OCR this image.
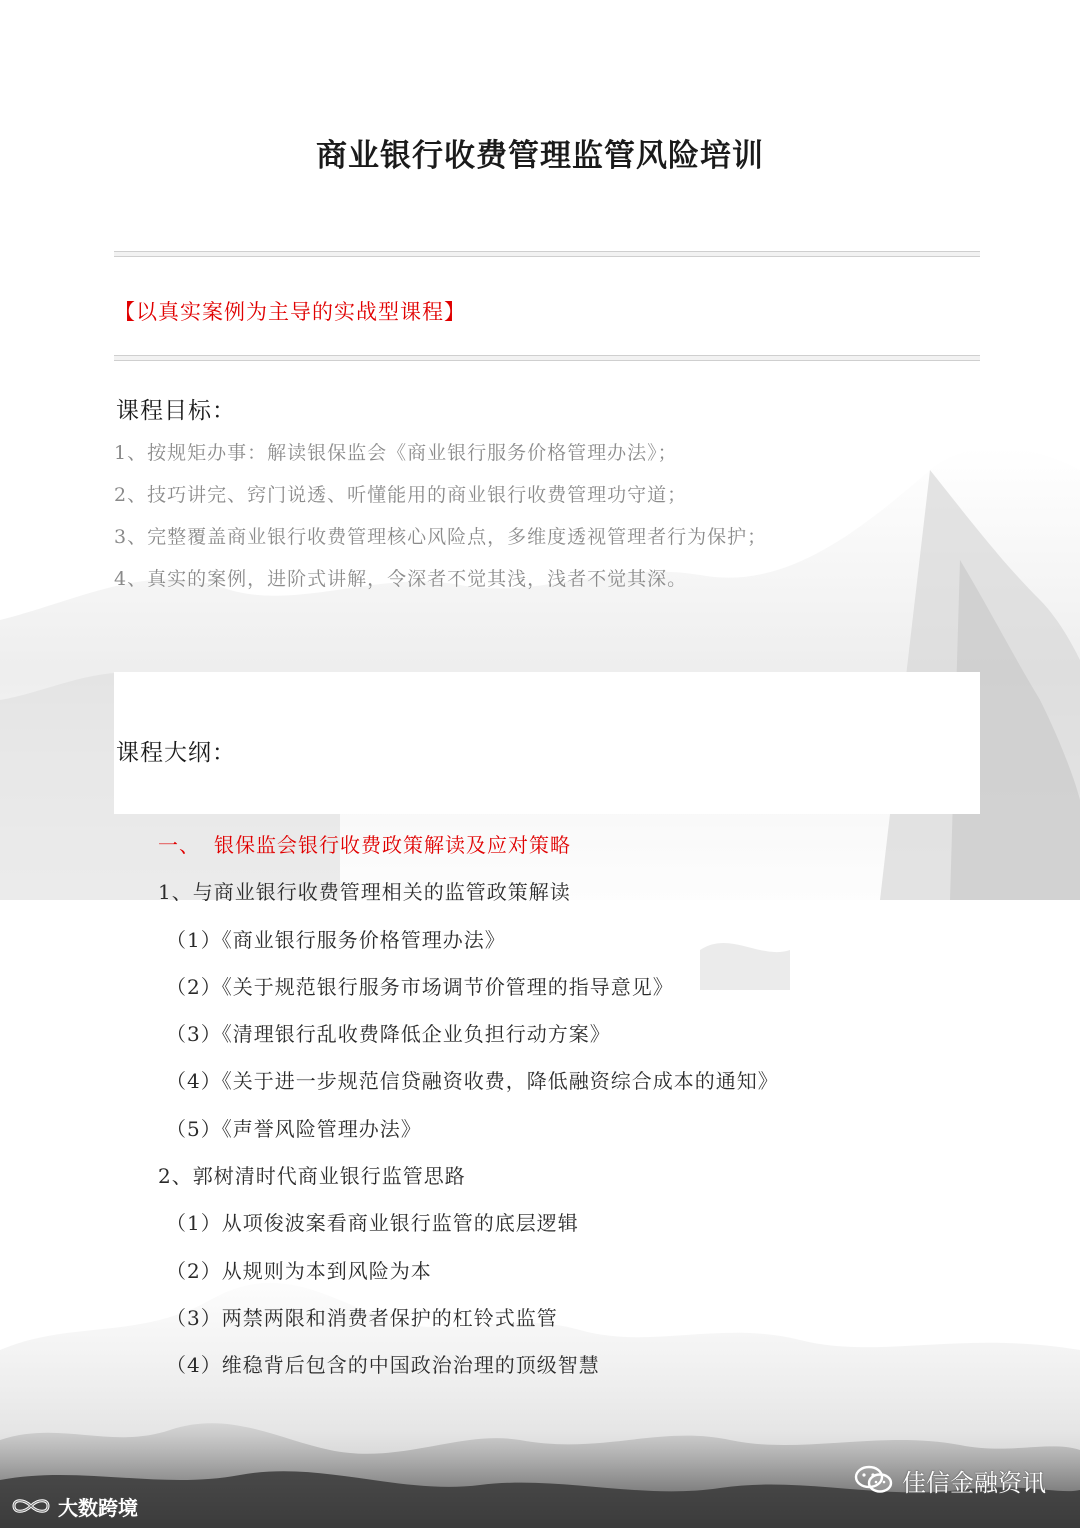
商业银行收费管理监管风险培训
【以真实案例为主导的实战型课程】
课程目标：
1、按规矩办事：解读银保监会《商业银行服务价格管理办法》；
2、技巧讲完、窍门说透、听懂能用的商业银行收费管理功守道；
3、完整覆盖商业银行收费管理核心风险点，多维度透视管理者行为保护；
4、真实的案例，进阶式讲解，令深者不觉其浅，浅者不觉其深。
课程大纲：
一、 银保监会银行收费政策解读及应对策略
1、与商业银行收费管理相关的监管政策解读
（1）《商业银行服务价格管理办法》
（2）《关于规范银行服务市场调节价管理的指导意见》
（3）《清理银行乱收费降低企业负担行动方案》
（4）《关于进一步规范信贷融资收费，降低融资综合成本的通知》
（5）《声誉风险管理办法》
2、郭树清时代商业银行监管思路
（1）从项俊波案看商业银行监管的底层逻辑
（2）从规则为本到风险为本
（3）两禁两限和消费者保护的杠铃式监管
（4）维稳背后包含的中国政治治理的顶级智慧
大数跨境
佳信金融资讯
